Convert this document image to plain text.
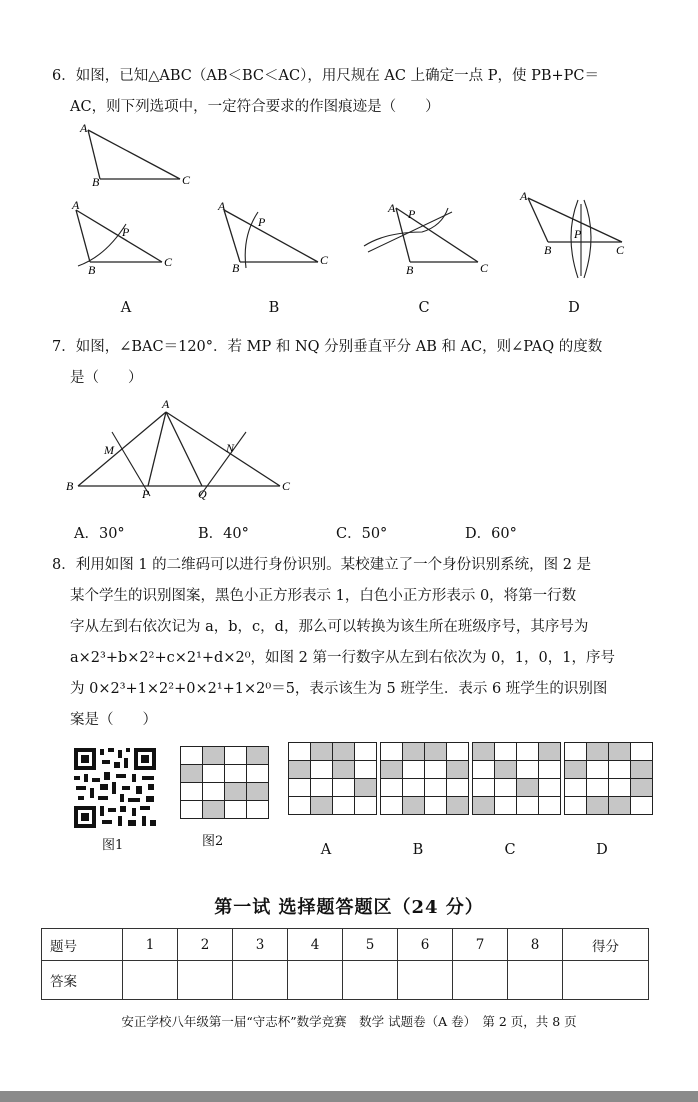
6．如图，已知△ABC（AB＜BC＜AC），用尺规在 AC 上确定一点 P，使 PB+PC＝
AC，则下列选项中，一定符合要求的作图痕迹是（　　）
A
B	C
A
B
C
P
A
A
B
C
P
B
A
B	C
P
C
A
B	C
P
D
7．如图，∠BAC＝120°．若 MP 和 NQ 分别垂直平分 AB 和 AC，则∠PAQ 的度数
是（　　）
A
B	C
M	N
P	Q
A．30°	B．40°	C．50°	D．60°
8．利用如图 1 的二维码可以进行身份识别。某校建立了一个身份识别系统，图 2 是
某个学生的识别图案，黑色小正方形表示 1，白色小正方形表示 0，将第一行数
字从左到右依次记为 a，b，c，d，那么可以转换为该生所在班级序号，其序号为
a×2³+b×2²+c×2¹+d×2⁰，如图 2 第一行数字从左到右依次为 0，1，0，1，序号
为 0×2³+1×2²+0×2¹+1×2⁰＝5，表示该生为 5 班学生．表示 6 班学生的识别图
案是（　　）
图1

				图2

A

				B

				C

				D
第一试 选择题答题区（24 分）
题号	1	2	3	4	5	6	7	8	得分
答案									
安正学校八年级第一届“守志杯”数学竞赛　数学 试题卷（A 卷）　第 2 页，共 8 页
